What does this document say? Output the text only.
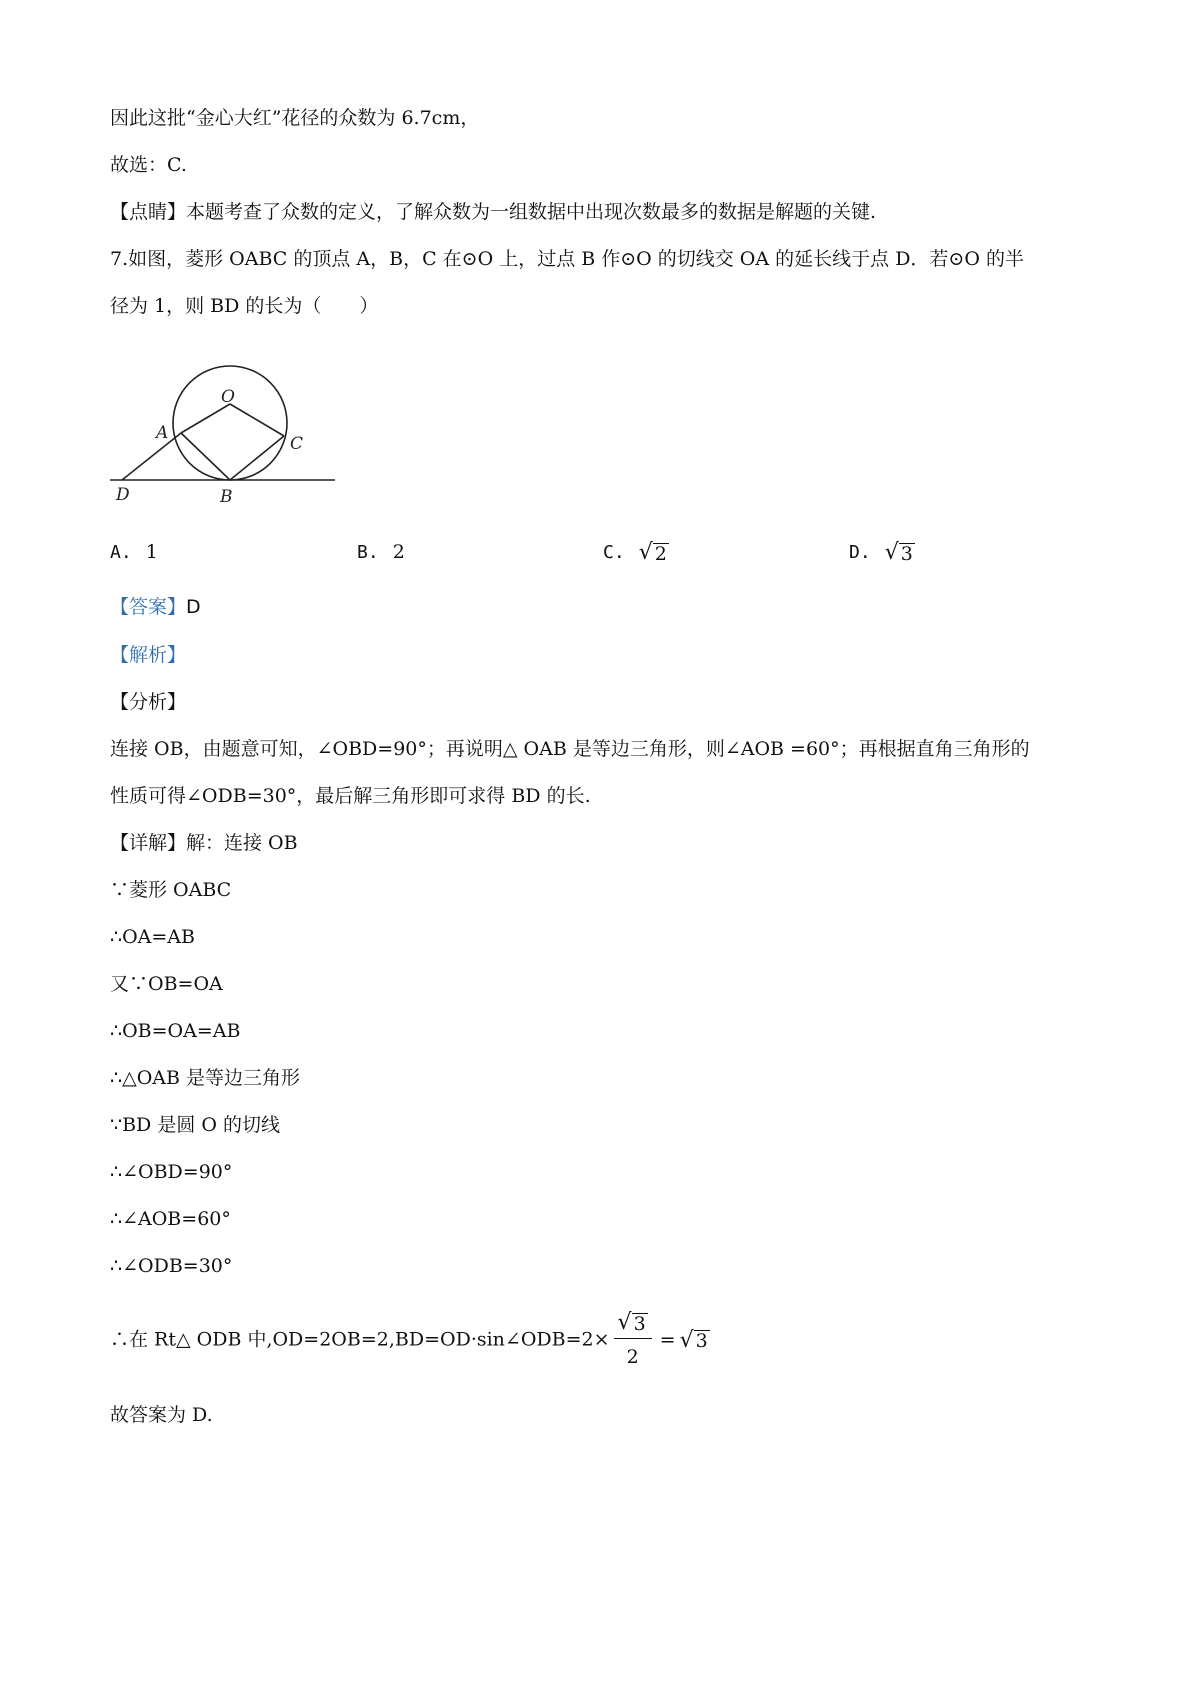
因此这批“金心大红”花径的众数为 6.7cm，
故选：C.
【点睛】本题考查了众数的定义，了解众数为一组数据中出现次数最多的数据是解题的关键.
7.如图，菱形 OABC 的顶点 A，B，C 在⊙O 上，过点 B 作⊙O 的切线交 OA 的延长线于点 D．若⊙O 的半
径为 1，则 BD 的长为（　　）
O
A
C
D	B
A. 1	B. 2	C. √ 2	D. √ 3
【答案】D
【解析】
【分析】
连接 OB，由题意可知，∠OBD=90°；再说明△ OAB 是等边三角形，则∠AOB =60°；再根据直角三角形的
性质可得∠ODB=30°，最后解三角形即可求得 BD 的长.
【详解】解：连接 OB
∵菱形 OABC
∴OA=AB
又∵OB=OA
∴OB=OA=AB
∴△OAB 是等边三角形
∵BD 是圆 O 的切线
∴∠OBD=90°
∴∠AOB=60°
∴∠ODB=30°
∴在 Rt△ ODB 中,OD=2OB=2,BD=OD·sin∠ODB=2× $\frac{√ 3}{2}$ = √ 3
故答案为 D.
